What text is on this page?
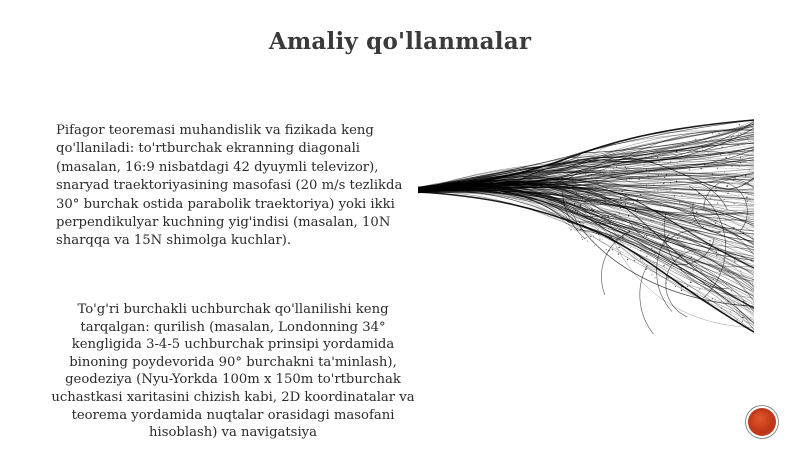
Amaliy qo'llanmalar
Pifagor teoremasi muhandislik va fizikada keng qo'llaniladi: to'rtburchak ekranning diagonali (masalan, 16:9 nisbatdagi 42 dyuymli televizor), snaryad traektoriyasining masofasi (20 m/s tezlikda 30° burchak ostida parabolik traektoriya) yoki ikki perpendikulyar kuchning yig'indisi (masalan, 10N sharqqa va 15N shimolga kuchlar).
To'g'ri burchakli uchburchak qo'llanilishi keng tarqalgan: qurilish (masalan, Londonning 34° kengligida 3-4-5 uchburchak prinsipi yordamida binoning poydevorida 90° burchakni ta'minlash), geodeziya (Nyu-Yorkda 100m x 150m to'rtburchak uchastkasi xaritasini chizish kabi, 2D koordinatalar va teorema yordamida nuqtalar orasidagi masofani hisoblash) va navigatsiya
